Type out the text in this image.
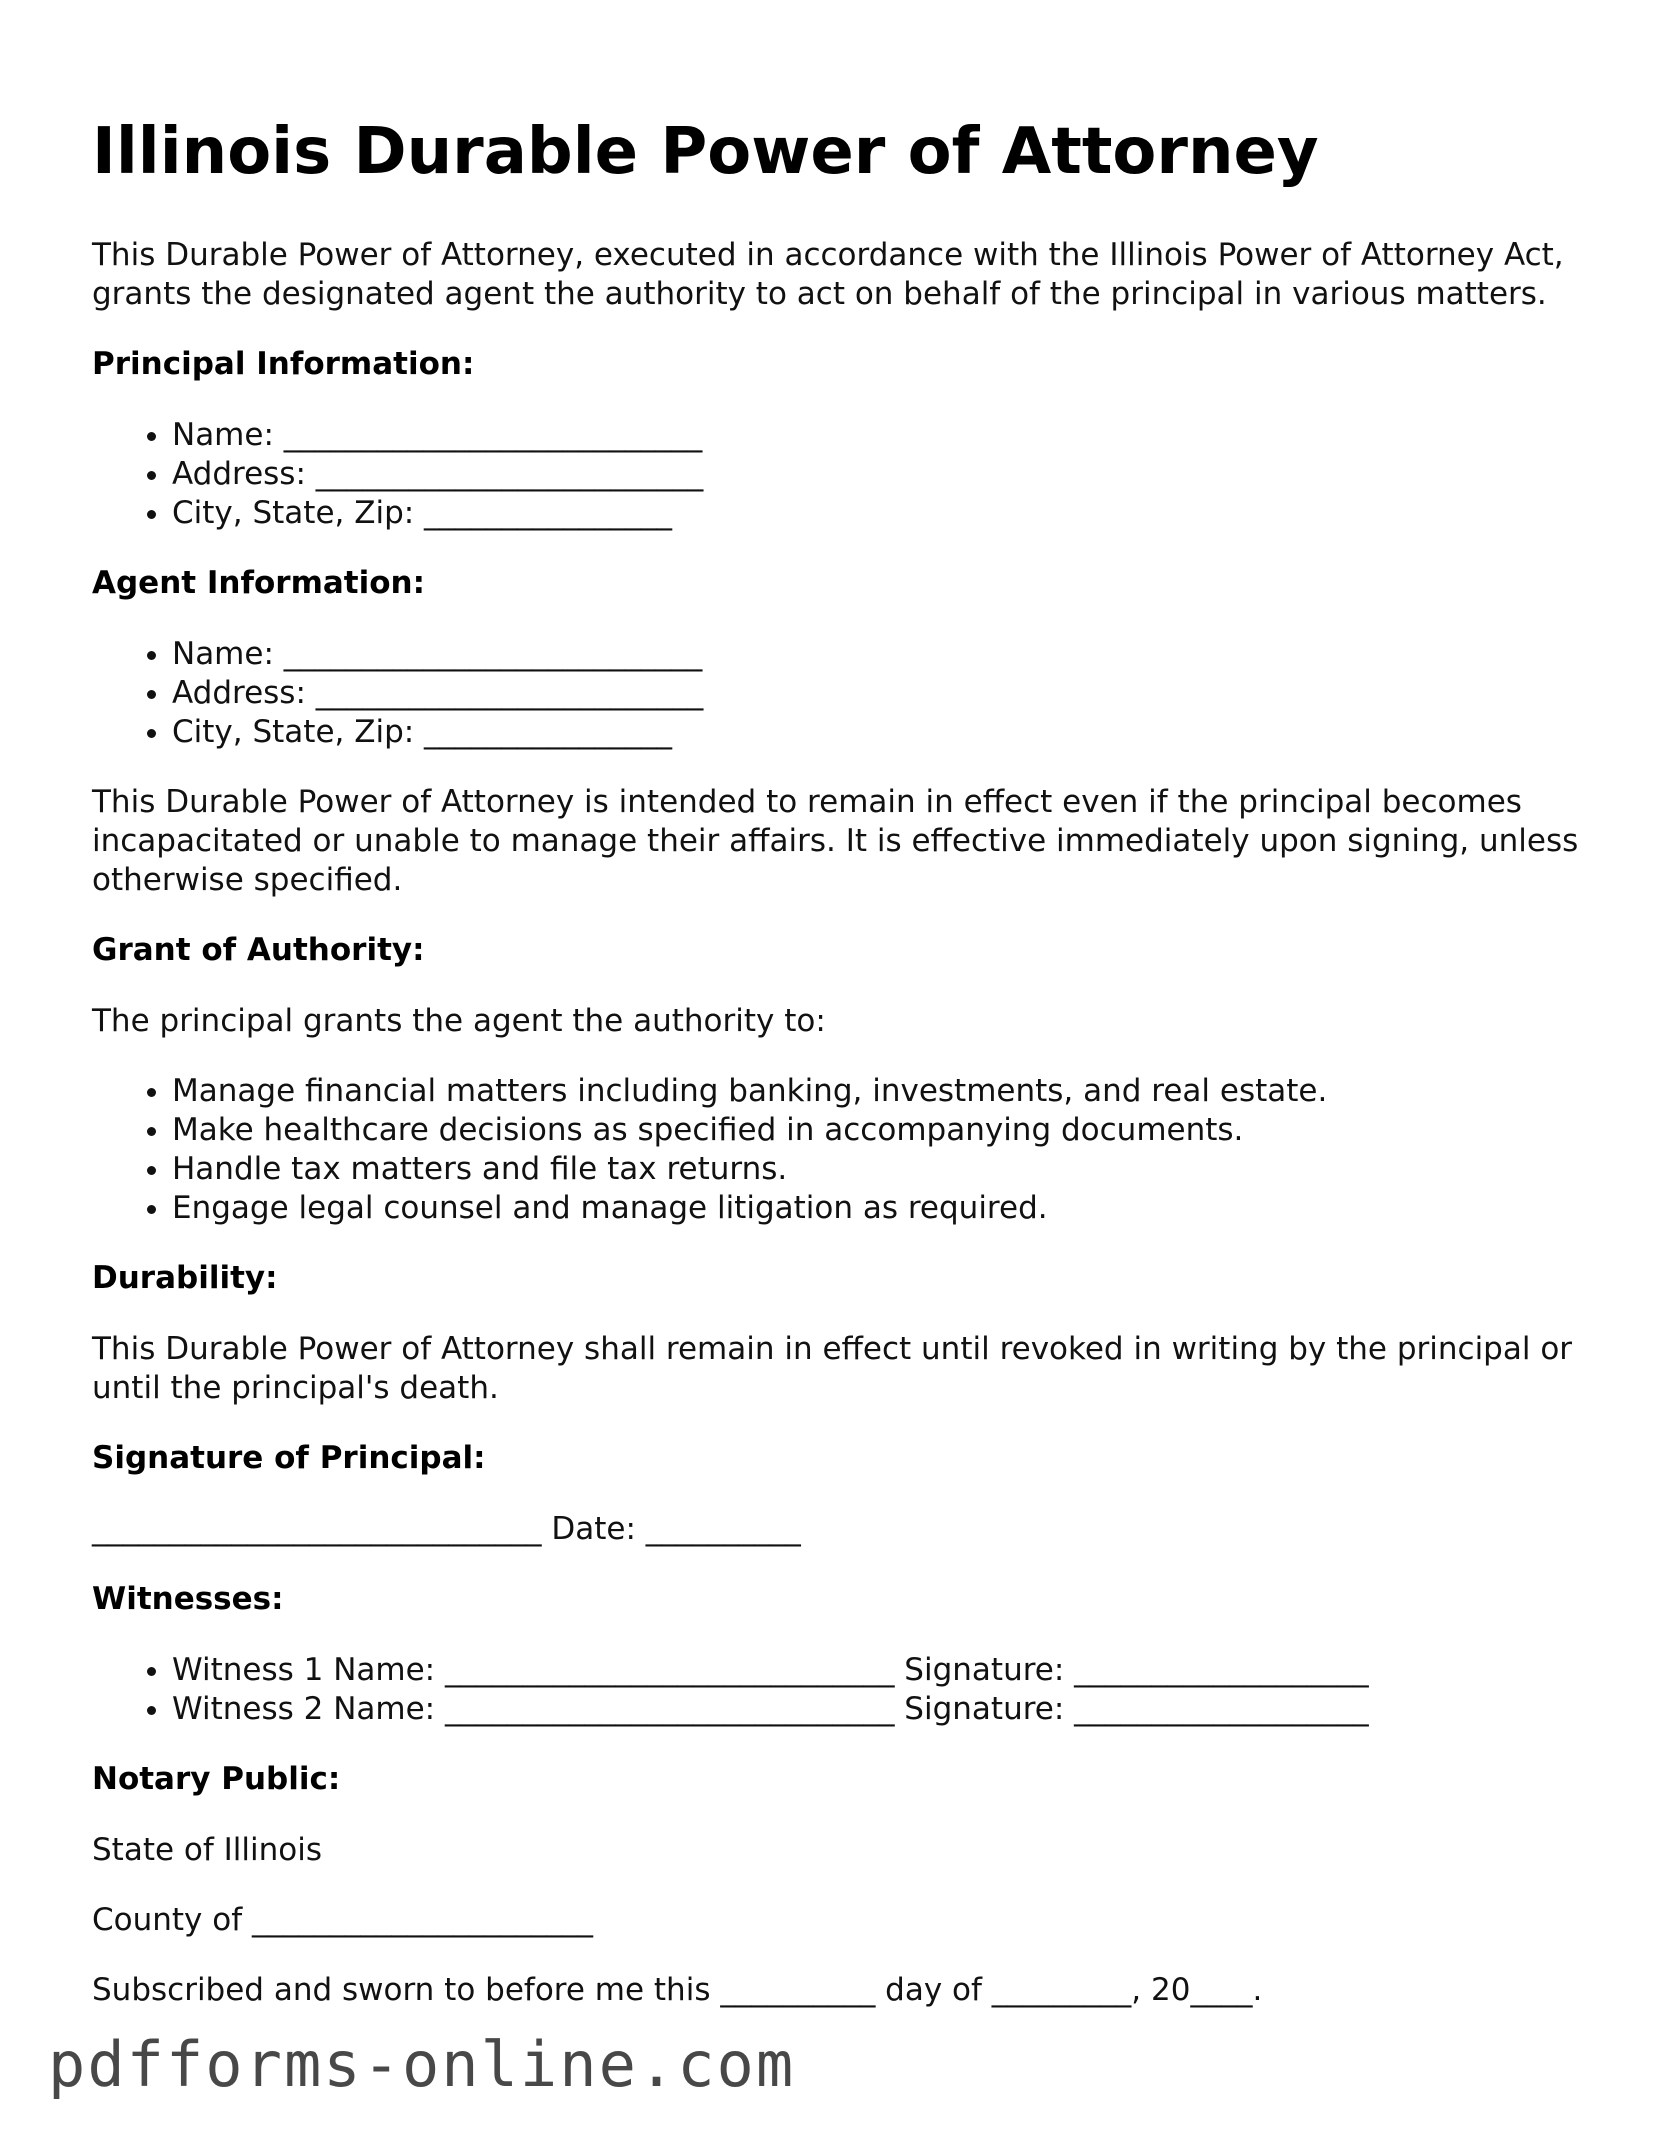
Illinois Durable Power of Attorney

This Durable Power of Attorney, executed in accordance with the Illinois Power of Attorney Act, grants the designated agent the authority to act on behalf of the principal in various matters.

Principal Information:
• Name: ___________________________
• Address: _________________________
• City, State, Zip: ________________
Agent Information:
• Name: ___________________________
• Address: _________________________
• City, State, Zip: ________________

This Durable Power of Attorney is intended to remain in effect even if the principal becomes incapacitated or unable to manage their affairs. It is effective immediately upon signing, unless otherwise specified.

Grant of Authority:

The principal grants the agent the authority to:

• Manage financial matters including banking, investments, and real estate.
• Make healthcare decisions as specified in accompanying documents.
• Handle tax matters and file tax returns.
• Engage legal counsel and manage litigation as required.
Durability:

This Durable Power of Attorney shall remain in effect until revoked in writing by the principal or until the principal's death.

Signature of Principal:

_____________________________ Date: __________

Witnesses:
• Witness 1 Name: _____________________________ Signature: ___________________
• Witness 2 Name: _____________________________ Signature: ___________________
Notary Public:

State of Illinois

County of ______________________

Subscribed and sworn to before me this __________ day of _________, 20____.

pdfforms-online.com
